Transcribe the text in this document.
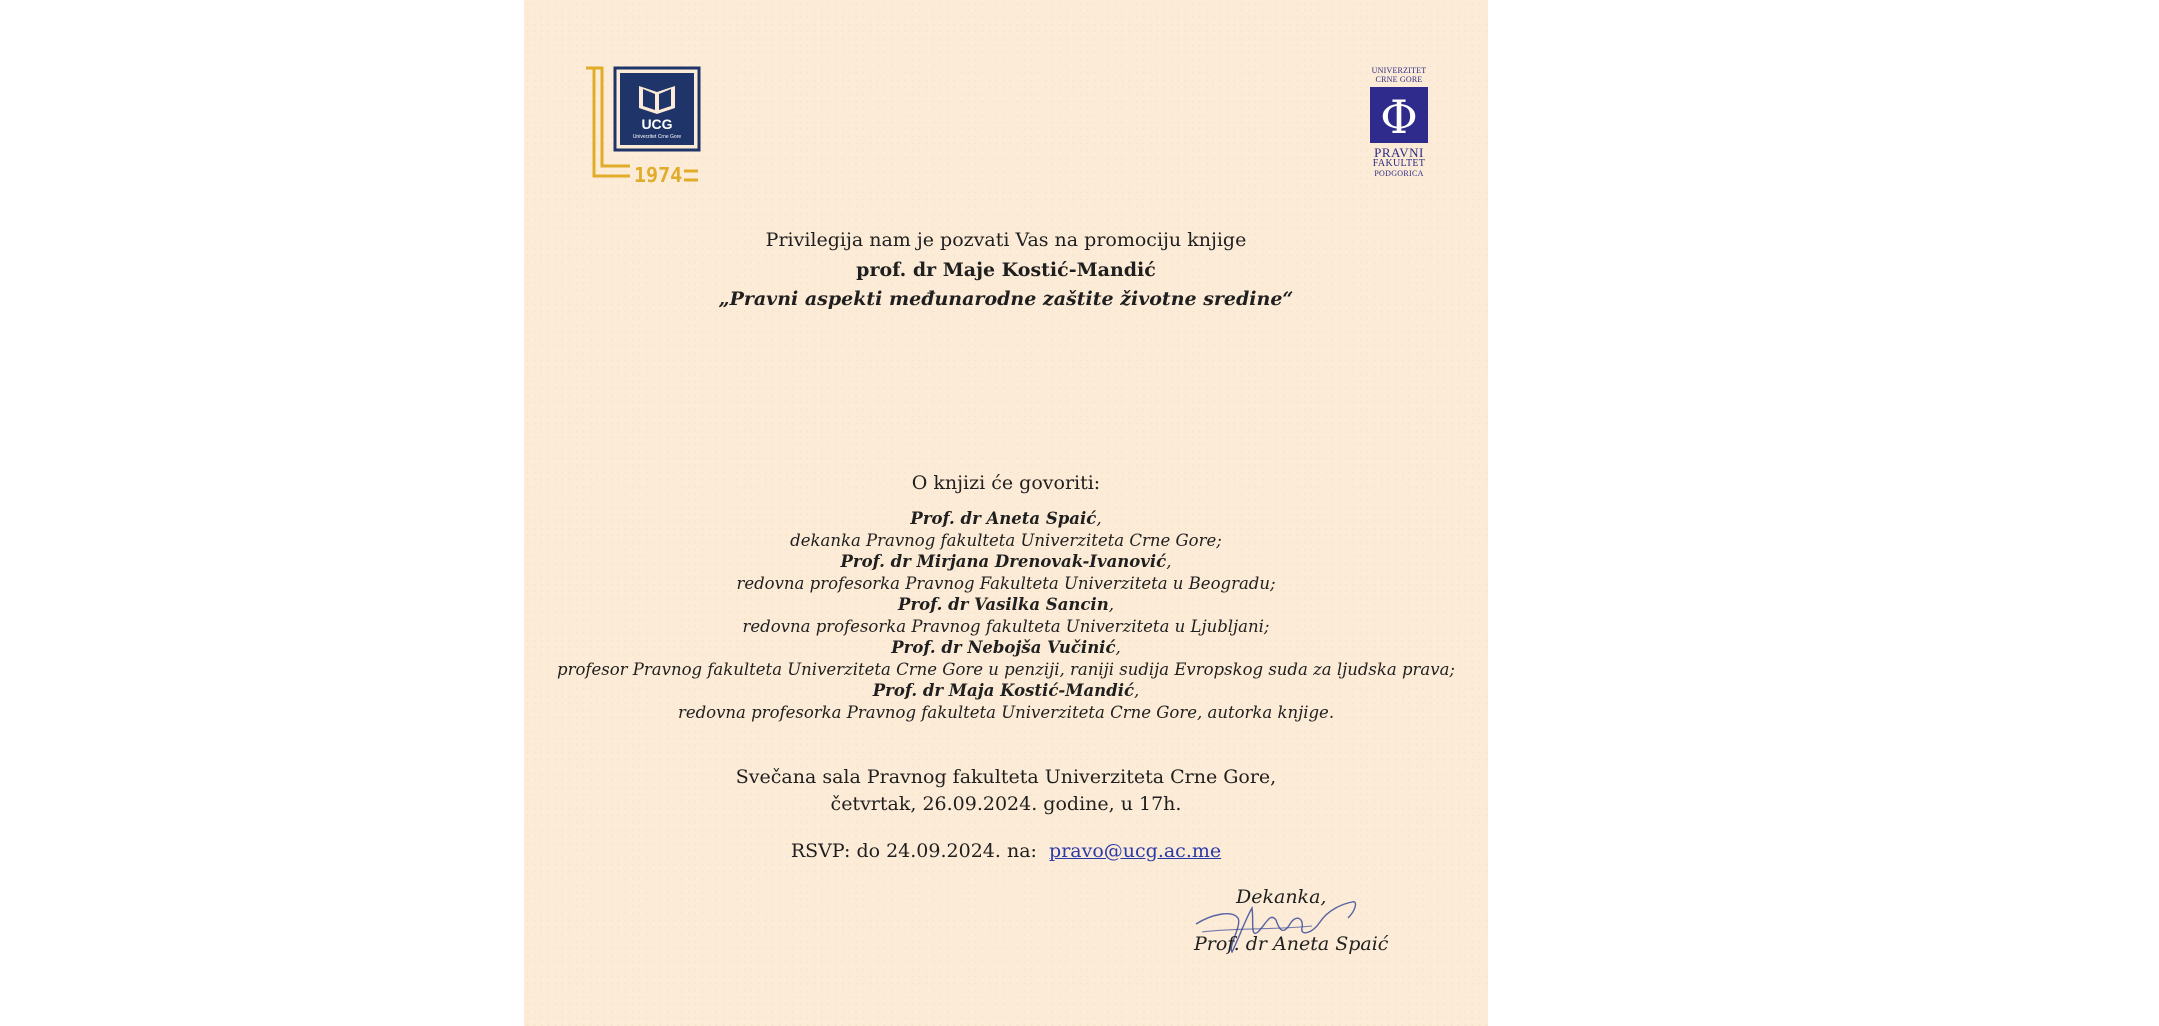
UCG
Univerzitet Crne Gore
1974
UNIVERZITET
CRNE GORE
Φ
PRAVNI
FAKULTET
PODGORICA
Privilegija nam je pozvati Vas na promociju knjige
prof. dr Maje Kostić-Mandić
„Pravni aspekti međunarodne zaštite životne sredine“
O knjizi će govoriti:
Prof. dr Aneta Spaić,
dekanka Pravnog fakulteta Univerziteta Crne Gore;
Prof. dr Mirjana Drenovak-Ivanović,
redovna profesorka Pravnog Fakulteta Univerziteta u Beogradu;
Prof. dr Vasilka Sancin,
redovna profesorka Pravnog fakulteta Univerziteta u Ljubljani;
Prof. dr Nebojša Vučinić,
profesor Pravnog fakulteta Univerziteta Crne Gore u penziji, raniji sudija Evropskog suda za ljudska prava;
Prof. dr Maja Kostić-Mandić,
redovna profesorka Pravnog fakulteta Univerziteta Crne Gore, autorka knjige.
Svečana sala Pravnog fakulteta Univerziteta Crne Gore,
četvrtak, 26.09.2024. godine, u 17h.
RSVP: do 24.09.2024. na: pravo@ucg.ac.me
Dekanka,
Prof. dr Aneta Spaić
